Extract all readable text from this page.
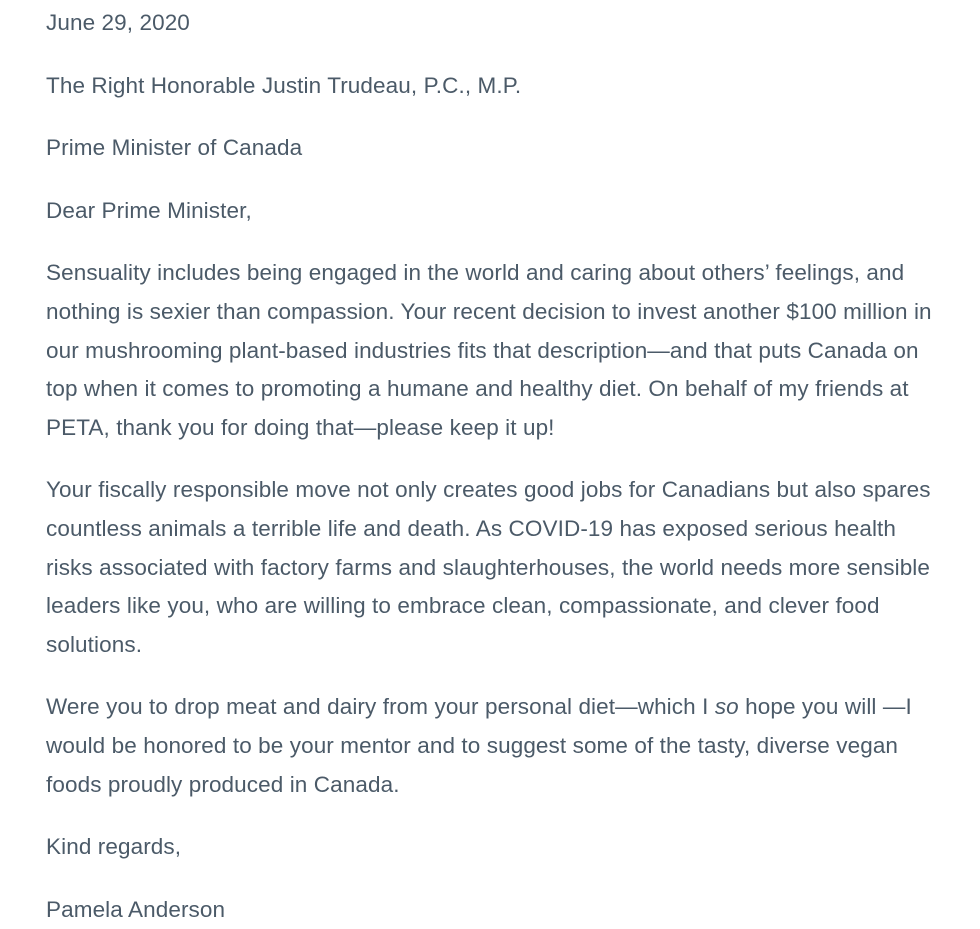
June 29, 2020

The Right Honorable Justin Trudeau, P.C., M.P.

Prime Minister of Canada

Dear Prime Minister,

Sensuality includes being engaged in the world and caring about others’ feelings, and nothing is sexier than compassion. Your recent decision to invest another $100 million in our mushrooming plant-based industries fits that description—and that puts Canada on top when it comes to promoting a humane and healthy diet. On behalf of my friends at PETA, thank you for doing that—please keep it up!

Your fiscally responsible move not only creates good jobs for Canadians but also spares countless animals a terrible life and death. As COVID-19 has exposed serious health risks associated with factory farms and slaughterhouses, the world needs more sensible leaders like you, who are willing to embrace clean, compassionate, and clever food solutions.

Were you to drop meat and dairy from your personal diet—which I so hope you will —I would be honored to be your mentor and to suggest some of the tasty, diverse vegan foods proudly produced in Canada.

Kind regards,

Pamela Anderson
